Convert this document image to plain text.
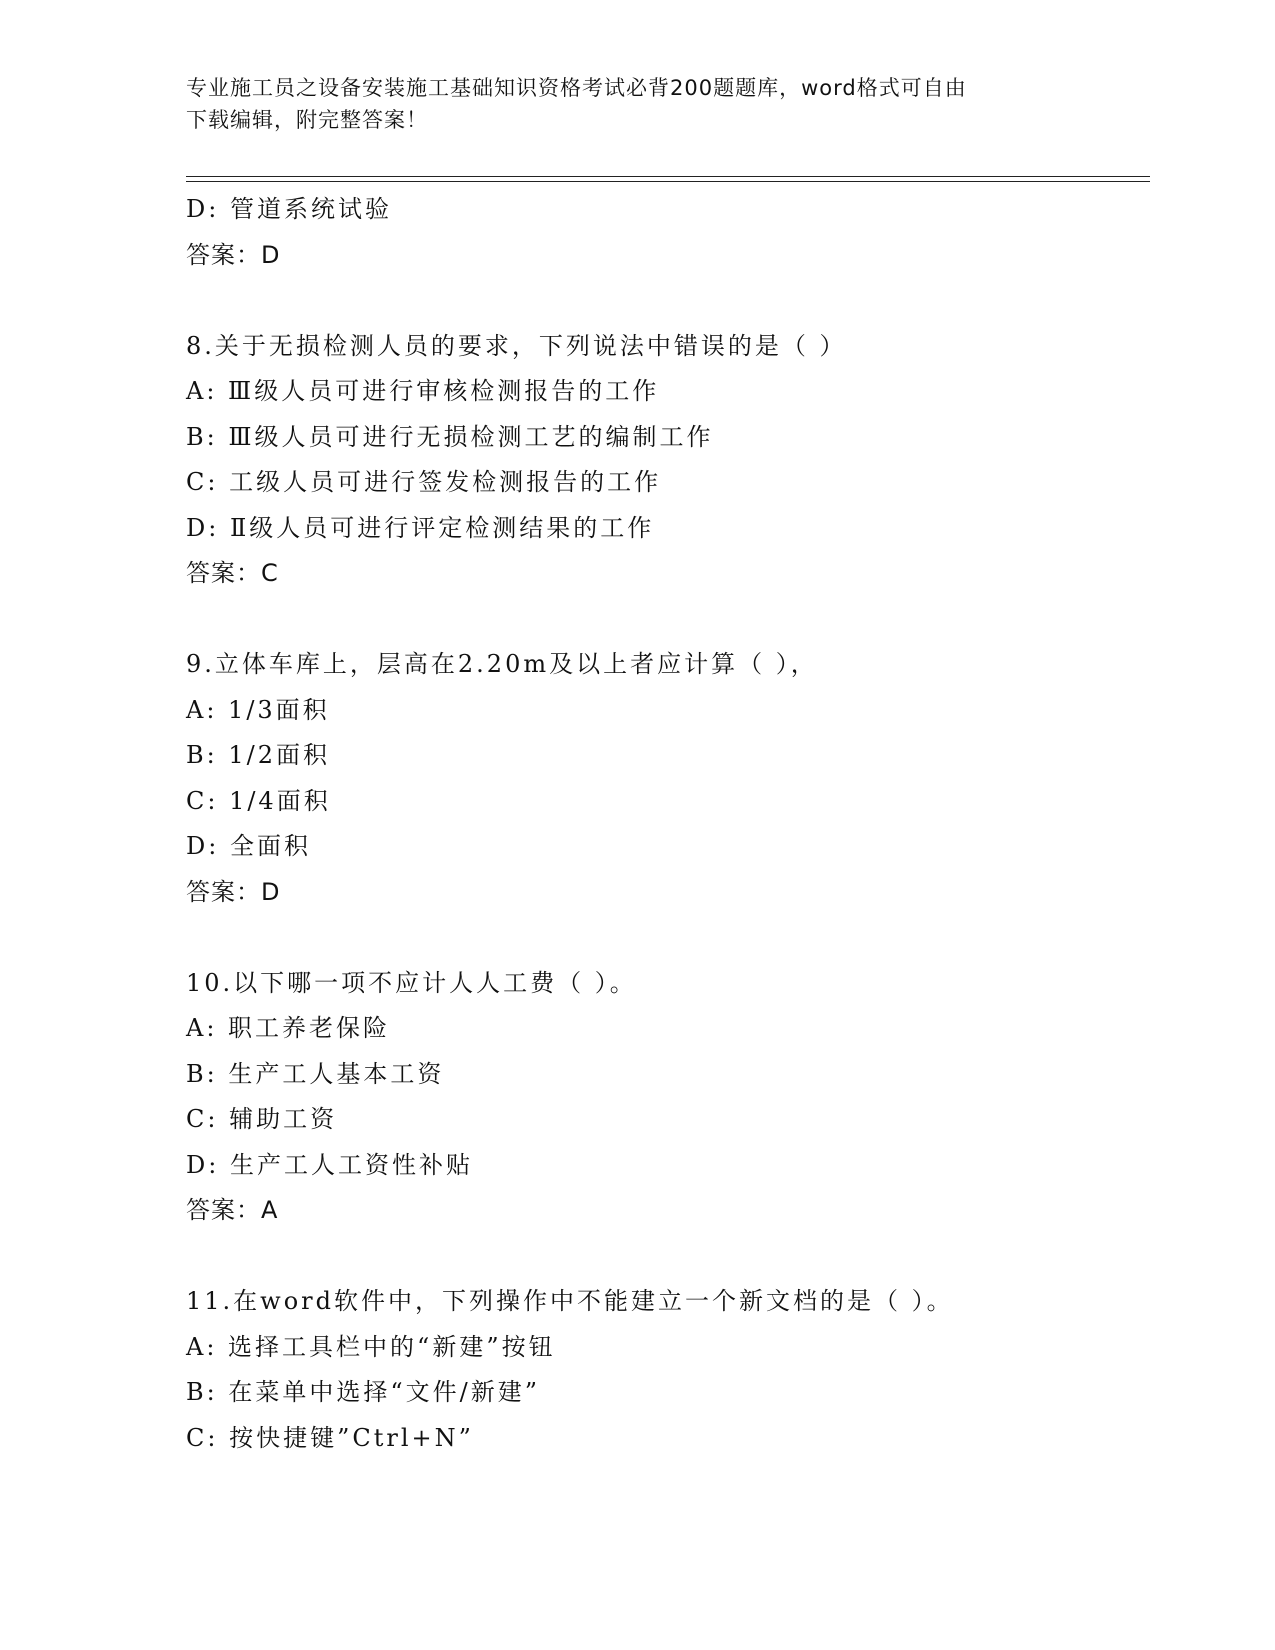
专业施工员之设备安装施工基础知识资格考试必背200题题库，word格式可自由
下载编辑，附完整答案！
D: 管道系统试验
答案：D
8.关于无损检测人员的要求，下列说法中错误的是（ ）
A: Ⅲ级人员可进行审核检测报告的工作
B: Ⅲ级人员可进行无损检测工艺的编制工作
C: 工级人员可进行签发检测报告的工作
D: Ⅱ级人员可进行评定检测结果的工作
答案：C
9.立体车库上，层高在2.20m及以上者应计算（ ），
A: 1/3面积
B: 1/2面积
C: 1/4面积
D: 全面积
答案：D
10.以下哪一项不应计人人工费（ ）。
A: 职工养老保险
B: 生产工人基本工资
C: 辅助工资
D: 生产工人工资性补贴
答案：A
11.在word软件中，下列操作中不能建立一个新文档的是（ ）。
A: 选择工具栏中的“新建”按钮
B: 在菜单中选择“文件/新建”
C: 按快捷键”Ctrl+N”
